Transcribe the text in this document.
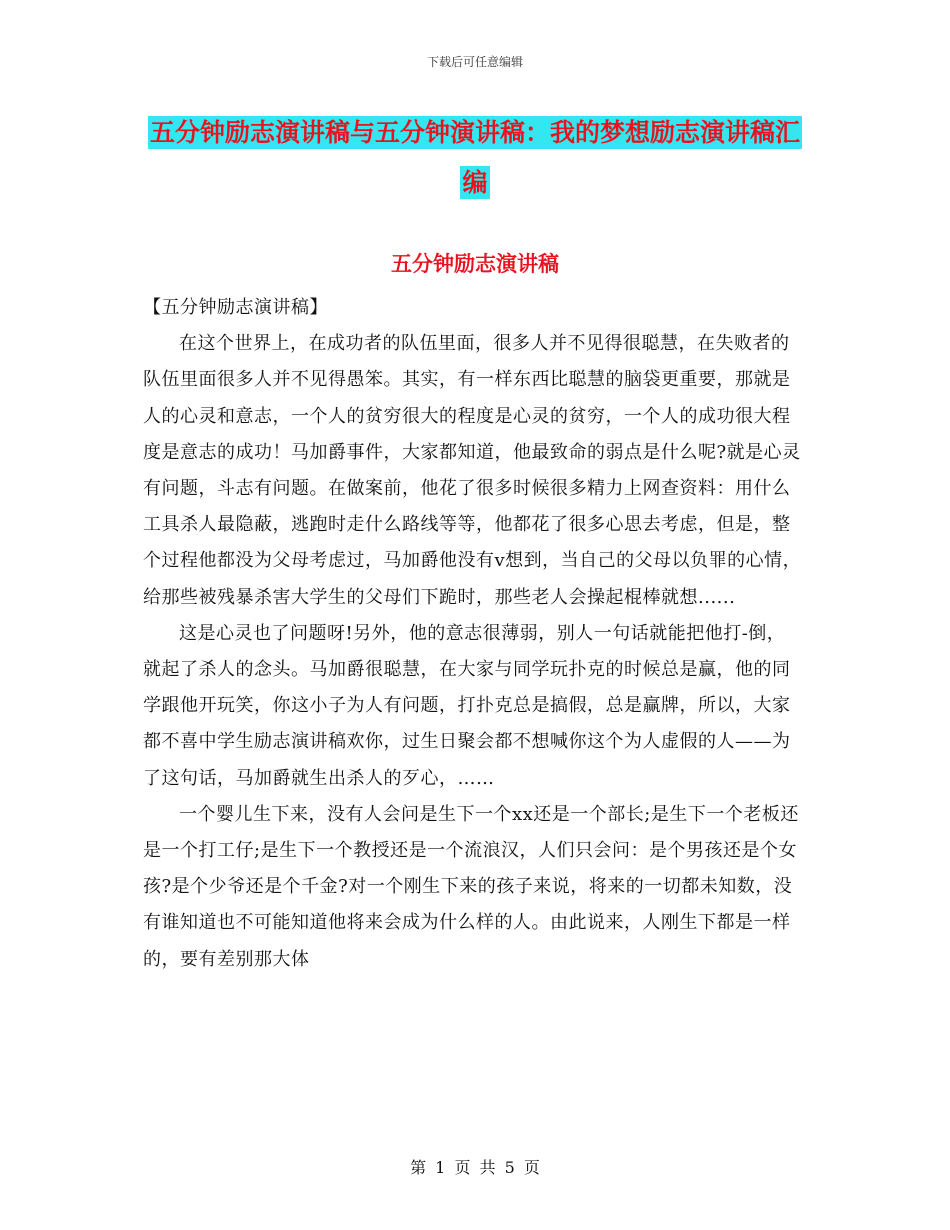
下载后可任意编辑
五分钟励志演讲稿与五分钟演讲稿：我的梦想励志演讲稿汇编
五分钟励志演讲稿

【五分钟励志演讲稿】

在这个世界上，在成功者的队伍里面，很多人并不见得很聪慧，在失败者的队伍里面很多人并不见得愚笨。其实，有一样东西比聪慧的脑袋更重要，那就是人的心灵和意志，一个人的贫穷很大的程度是心灵的贫穷，一个人的成功很大程度是意志的成功！马加爵事件，大家都知道，他最致命的弱点是什么呢?就是心灵有问题，斗志有问题。在做案前，他花了很多时候很多精力上网查资料：用什么工具杀人最隐蔽，逃跑时走什么路线等等，他都花了很多心思去考虑，但是，整个过程他都没为父母考虑过，马加爵他没有v想到，当自己的父母以负罪的心情，给那些被残暴杀害大学生的父母们下跪时，那些老人会操起棍棒就想......

这是心灵也了问题呀!另外，他的意志很薄弱，别人一句话就能把他打-倒，就起了杀人的念头。马加爵很聪慧，在大家与同学玩扑克的时候总是赢，他的同学跟他开玩笑，你这小子为人有问题，打扑克总是搞假，总是赢牌，所以，大家都不喜中学生励志演讲稿欢你，过生日聚会都不想喊你这个为人虚假的人——为了这句话，马加爵就生出杀人的歹心，……

一个婴儿生下来，没有人会问是生下一个xx还是一个部长;是生下一个老板还是一个打工仔;是生下一个教授还是一个流浪汉，人们只会问：是个男孩还是个女孩?是个少爷还是个千金?对一个刚生下来的孩子来说，将来的一切都未知数，没有谁知道也不可能知道他将来会成为什么样的人。由此说来，人刚生下都是一样的，要有差别那大体

第 1 页 共 5 页
